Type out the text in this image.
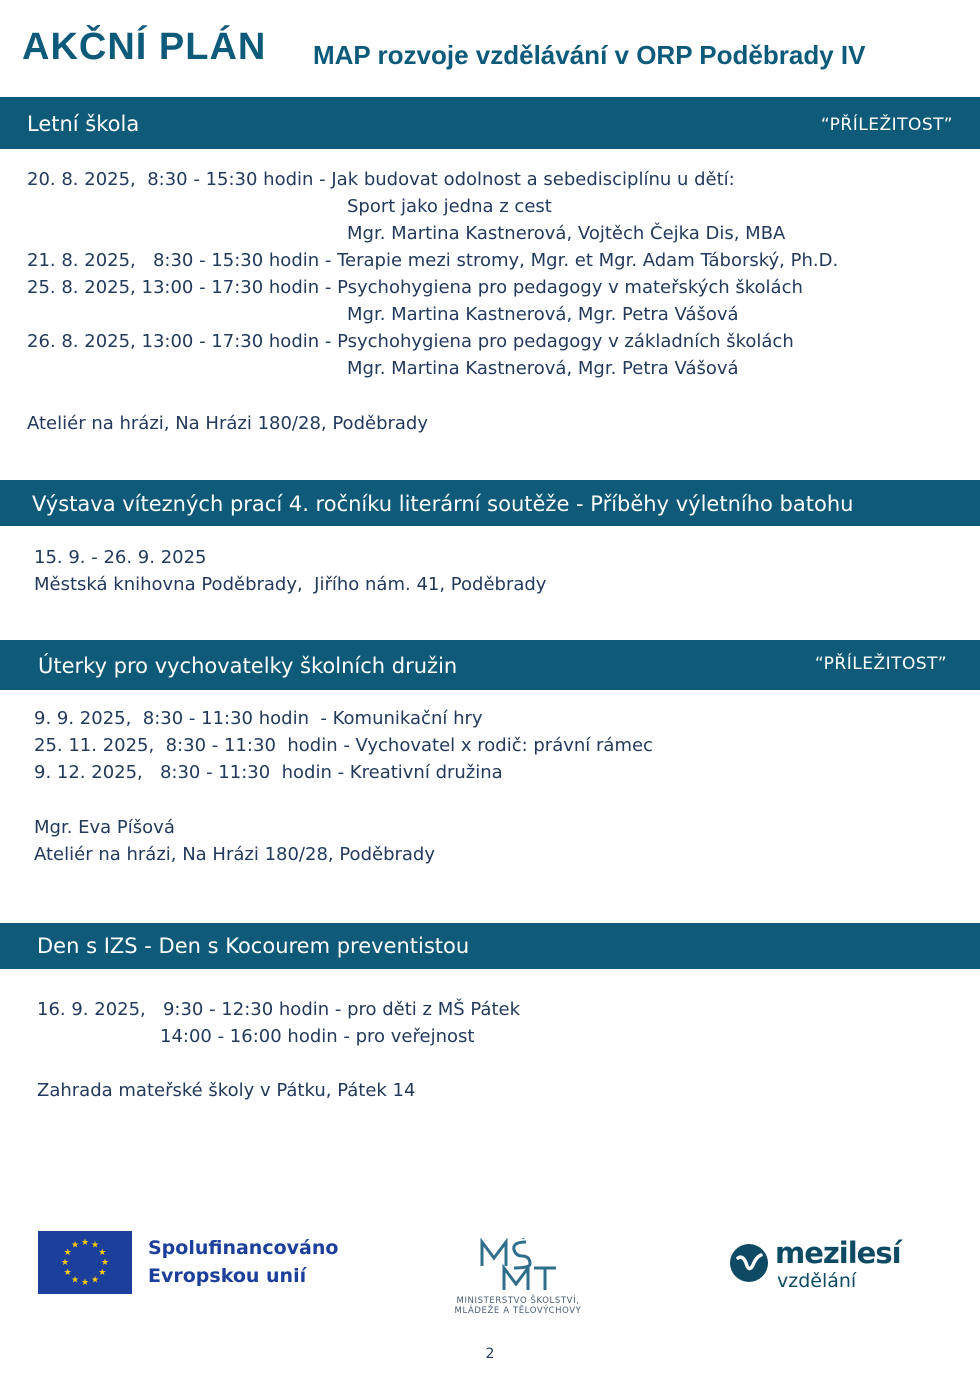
AKČNÍ PLÁN MAP rozvoje vzdělávání v ORP Poděbrady IV
Letní škola	“PŘÍLEŽITOST”
20. 8. 2025,  8:30 - 15:30 hodin - Jak budovat odolnost a sebedisciplínu u dětí:
Sport jako jedna z cest
Mgr. Martina Kastnerová, Vojtěch Čejka Dis, MBA
21. 8. 2025,   8:30 - 15:30 hodin - Terapie mezi stromy, Mgr. et Mgr. Adam Táborský, Ph.D.
25. 8. 2025, 13:00 - 17:30 hodin - Psychohygiena pro pedagogy v mateřských školách
Mgr. Martina Kastnerová, Mgr. Petra Vášová
26. 8. 2025, 13:00 - 17:30 hodin - Psychohygiena pro pedagogy v základních školách
Mgr. Martina Kastnerová, Mgr. Petra Vášová
Ateliér na hrázi, Na Hrázi 180/28, Poděbrady
Výstava vítezných prací 4. ročníku literární soutěže - Příběhy výletního batohu
15. 9. - 26. 9. 2025
Městská knihovna Poděbrady,  Jiřího nám. 41, Poděbrady
Úterky pro vychovatelky školních družin	“PŘÍLEŽITOST”
9. 9. 2025,  8:30 - 11:30 hodin  - Komunikační hry
25. 11. 2025,  8:30 - 11:30  hodin - Vychovatel x rodič: právní rámec
9. 12. 2025,   8:30 - 11:30  hodin - Kreativní družina
Mgr. Eva Píšová
Ateliér na hrázi, Na Hrázi 180/28, Poděbrady
Den s IZS - Den s Kocourem preventistou
16. 9. 2025,   9:30 - 12:30 hodin - pro děti z MŠ Pátek
14:00 - 16:00 hodin - pro veřejnost
Zahrada mateřské školy v Pátku, Pátek 14
★ ★
★
★
★
★
★
★
★
★
★
★	Spolufinancováno
Evropskou unií
MINISTERSTVO ŠKOLSTVÍ,
MLÁDEŽE A TĚLOVÝCHOVY
mezilesí
vzdělání
2
